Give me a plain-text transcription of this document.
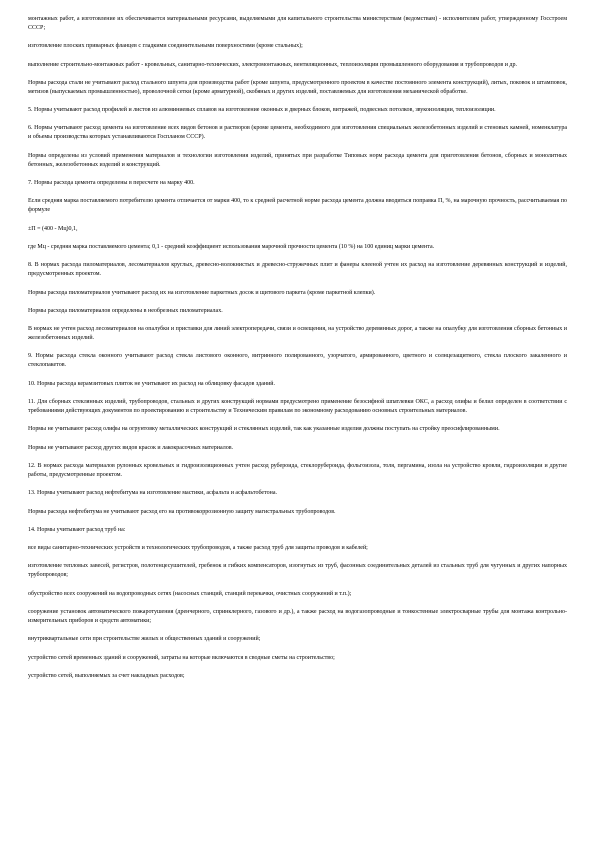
монтажных работ, а изготовление их обеспечивается материальными ресурсами, выделяемыми для капитального строительства министерствам (ведомствам) - исполнителям работ, утвержденному Госстроем СССР;

изготовление плоских приварных фланцев с гладкими соединительными поверхностями (кроме стальных);

выполнение строительно-монтажных работ - кровельных, санитарно-технических, электромонтажных, вентиляционных, теплоизоляции промышленного оборудования и трубопроводов и др.

Нормы расхода стали не учитывают расход стального шпунта для производства работ (кроме шпунта, предусмотренного проектом в качестве постоянного элемента конструкций), литых, поковок и штамповок, метизов (выпускаемых промышленностью), проволочной сетки (кроме арматурной), скобяных и других изделий, поставляемых для изготовления механической обработке.

5. Нормы учитывают расход профилей и листов из алюминиевых сплавов на изготовление оконных и дверных блоков, витражей, подвесных потолков, звукоизоляции, теплоизоляции.

6. Нормы учитывают расход цемента на изготовление всех видов бетонов и растворов (кроме цемента, необходимого для изготовления специальных железобетонных изделий и стеновых камней, номенклатура и объемы производства которых устанавливаются Госпланом СССР).

Нормы определены из условий применения материалов и технологии изготовления изделий, принятых при разработке Типовых норм расхода цемента для приготовления бетонов, сборных и монолитных бетонных, железобетонных изделий и конструкций.

7. Нормы расхода цемента определены в пересчете на марку 400.

Если средняя марка поставляемого потребителю цемента отличается от марки 400, то к средней расчетной норме расхода цемента должна вводиться поправка П, %, на марочную прочность, рассчитываемая по формуле

±П = (400 - Мц)0,1,

где Мц - средняя марка поставляемого цемента; 0,1 - средний коэффициент использования марочной прочности цемента (10 %) на 100 единиц марки цемента.

8. В нормах расхода пиломатериалов, лесоматериалов круглых, древесно-волокнистых и древесно-стружечных плит и фанеры клееной учтен их расход на изготовление деревянных конструкций и изделий, предусмотренных проектом.

Нормы расхода пиломатериалов учитывают расход их на изготовление паркетных досок и щитового паркета (кроме паркетной клепки).

Нормы расхода пиломатериалов определены в необрезных пиломатериалах.

В нормах не учтен расход лесоматериалов на опалубки и приставки для линий электропередачи, связи и освещения, на устройство деревянных дорог, а также на опалубку для изготовления сборных бетонных и железобетонных изделий.

9. Нормы расхода стекла оконного учитывают расход стекла листового оконного, витринного полированного, узорчатого, армированного, цветного и солнцезащитного, стекла плоского закаленного и стеклопакетов.

10. Нормы расхода керамзитовых плиток не учитывают их расход на облицовку фасадов зданий.

11. Для сборных стеклянных изделий, трубопроводов, стальных и других конструкций нормами предусмотрено применение безосифной шпатлевки ОКС, а расход олифы и белил определен в соответствии с требованиями действующих документов по проектированию и строительству и Техническим правилам по экономному расходованию основных строительных материалов.

Нормы не учитывают расход олифы на огрунтовку металлических конструкций и стеклянных изделий, так как указанные изделия должны поступать на стройку преосифлированными.

Нормы не учитывают расход других видов красок и лакокрасочных материалов.

12. В нормах расхода материалов рулонных кровельных и гидроизоляционных учтен расход рубероида, стеклорубероида, фольгоизола, толя, пергамина, изола на устройство кровли, гидроизоляции и другие работы, предусмотренные проектом.

13. Нормы учитывают расход нефтебитума на изготовление мастики, асфальта и асфальтобетона.

Нормы расхода нефтебитума не учитывают расход его на противокоррозионную защиту магистральных трубопроводов.

14. Нормы учитывают расход труб на:

все виды санитарно-технических устройств и технологических трубопроводов, а также расход труб для защиты проводов и кабелей;

изготовление тепловых завесей, регистров, полотенцесушителей, гребенок и гибких компенсаторов, изогнутых из труб, фасонных соединительных деталей из стальных труб для чугунных и других напорных трубопроводов;

обустройство всех сооружений на водопроводных сетях (насосных станций, станций перекачки, очистных сооружений и т.п.);

сооружение установок автоматического пожаротушения (дренчерного, спринклерного, газового и др.), а также расход на водогазопроводные и тонкостенные электросварные трубы для монтажа контрольно-измерительных приборов и средств автоматики;

внутриквартальные сети при строительстве жилых и общественных зданий и сооружений;

устройство сетей временных зданий и сооружений, затраты на которые включаются в сводные сметы на строительство;

устройство сетей, выполняемых за счет накладных расходов;
